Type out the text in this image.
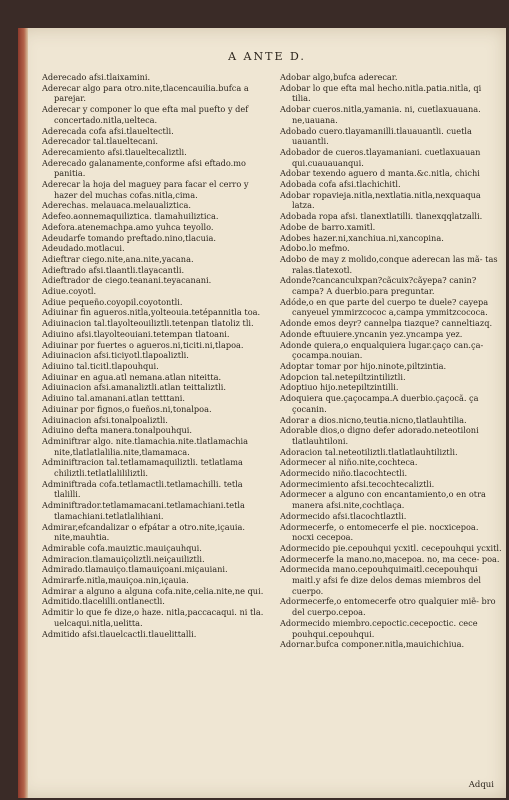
A ANTE D.

Aderecado afsi.tlaixamini.

Aderecar algo para otro.nite,tlacencauilia.bufca a parejar.

Aderecar y componer lo que efta mal puefto y def concertado.nitla,ueltecа.

Aderecada cofa afsi.tlaueltectli.

Aderecador tal.tlaueltecani.

Aderecamiento afsi.tlaueltecaliztli.

Aderecado galanamente,conforme afsi eftado.mo panitia.

Aderecar la hoja del maguey para facar el cerro y hazer del muchas cofas.nitla,cima.

Aderechas. melauaca.melaualiztica.

Adefeo.aonnemaquiliztica. tlamahuiliztica.

Adefora.atenemachpa.amo yuhca teyollo.

Adeudarfe tomando preftado.nino,tlacuia.

Adeudado.motlacui.

Adieftrar ciego.nite,ana.nite,yacana.

Adieftrado afsi.tlaantli.tlayacantli.

Adieftrador de ciego.teanani.teyacanani.

Adiue.coyotl.

Adiue pequeño.coyopil.coyotontli.

Adiuinar fin agueros.nitla,yolteouia.tetépannitla toa.

Adiuinacion tal.tlayolteouiliztli.tetenpan tlatoliz tli.

Adiuino afsi.tlayolteouiani.tetempan tlatoani.

Adiuinar por fuertes o agueros.ni,ticiti.ni,tlapoa.

Adiuinacion afsi.ticiyotl.tlapoaliztli.

Adiuino tal.ticitl.tlapouhqui.

Adiuinar en agua.atl nemana.atlan niteitta.

Adiuinacion afsi.amanaliztli.atlan teittaliztli.

Adiuino tal.amanani.atlan tetttani.

Adiuinar por fignos,o fueños.ni,tonalpoa.

Adiuinacion afsi.tonalpoaliztli.

Adiuino defta manera.tonalpouhqui.

Adminiftrar algo. nite.tlamachia.nite.tlatlamachia nite,tlatlatlalilia.nite,tlamamaca.

Adminiftracion tal.tetlamamaquiliztli. tetlatlama chiliztli.tetlatlalililiztli.

Adminiftrada cofa.tetlamactli.tetlamachilli. tetla tlalilli.

Adminiftrador.tetlamamacani.tetlamachiani.tetla tlamachiani.tetlatlalihiani.

Admirar,efcandalizar o efpátar a otro.nite,içauia. nite,mauhtia.

Admirable cofa.mauiztic.mauiçauhqui.

Admiracion.tlamauiçoliztli.neiçauiliztli.

Admirado.tlamauiço.tlamauiçoani.miçauiani.

Admirarfe.nitla,mauiçoa.nin,içauia.

Admirar a alguno a alguna cofa.nite,celia.nite,ne qui.

Admitido.tlacelilli.ontlanectli.

Admitir lo que fe dize,o haze. nitla,paccacaqui. ni tla. uelcaqui.nitla,uelitta.

Admitido afsi.tlauelcactli.tlauelittalli.

Adobar algo,bufca aderecar.

Adobar lo que efta mal hecho.nitla.patia.nitla, qi tilia.

Adobar cueros.nitla,yamania. ni, cuetlaxuauana. ne,uauana.

Adobado cuero.tlayamanilli.tlauauantli. cuetla uauantli.

Adobador de cueros.tlayamaniani. cuetlaxuauan qui.cuauauanqui.

Adobar texendo aguero d manta.&c.nitla, chichi

Adobada cofa afsi.tlachichitl.

Adobar ropavieja.nitla,nextlatia.nitla,nexquaqua latza.

Adobada ropa afsi. tlanextlatilli. tlanexqqlatzalli.

Adobe de barro.xamitl.

Adobes hazer.ni,xanchiua.ni,xancopina.

Adobo.lo mefmo.

Adobo de may z molido,conque aderecan las mã- tas ralas.tlatexotl.

Adonde?cancanculxpan?cãcuix?cãyepa? canin? campa? A duerbio.para preguntar.

Adóde,o en que parte del cuerpo te duele? cayepa canyeuel ymmirzcococ a,campa ymmitzcococa.

Adonde emos deyr? cannelpa tiazque? canneltiazq.

Adonde eftuuiere.yncanin yez.yncampa yez.

Adonde quiera,o enqualquiera lugar.çaço can.ça- çocampa.nouian.

Adoptar tomar por hijo.ninote,piltzintia.

Adopcion tal.netepiltzintiliztli.

Adoptiuo hijo.netepiltzintilli.

Adoquiera que.çaçocampa.A duerbio.çaçocã. ça çocanin.

Adorar a dios.nicno,teutia.nicno,tlatlauhtilia.

Adorable dios,o digno defer adorado.neteotiloni tlatlauhtiloni.

Adoracion tal.neteotiliztli.tlatlatlauhtiliztli.

Adormecer al niño.nite,cochteca.

Adormecido niño.tlacochtectli.

Adormecimiento afsi.tecochtecaliztli.

Adormecer a alguno con encantamiento,o en otra manera afsi.nite,cochtlaça.

Adormecido afsi.tlacochtlaztli.

Adormecerfe, o entomecerfe el pie. nocxicepoa. nocxi cecepoa.

Adormecido pie.cepouhqui ycxitl. cecepouhqui ycxitl.

Adormecerfe la mano.no,macepoa. no, ma cece- poa.

Adormecida mano.cepouhquimaitl.cecepouhqui maitl.y afsi fe dize delos demas miembros del cuerpo.

Adormecerfe,o entomecerfe otro qualquier miẽ- bro del cuerpo.cepoa.

Adormecido miembro.cepoctic.cecepoctic. cece pouhqui.cepouhqui.

Adornar.bufca componer.nitla,mauichichiua.

Adqui
